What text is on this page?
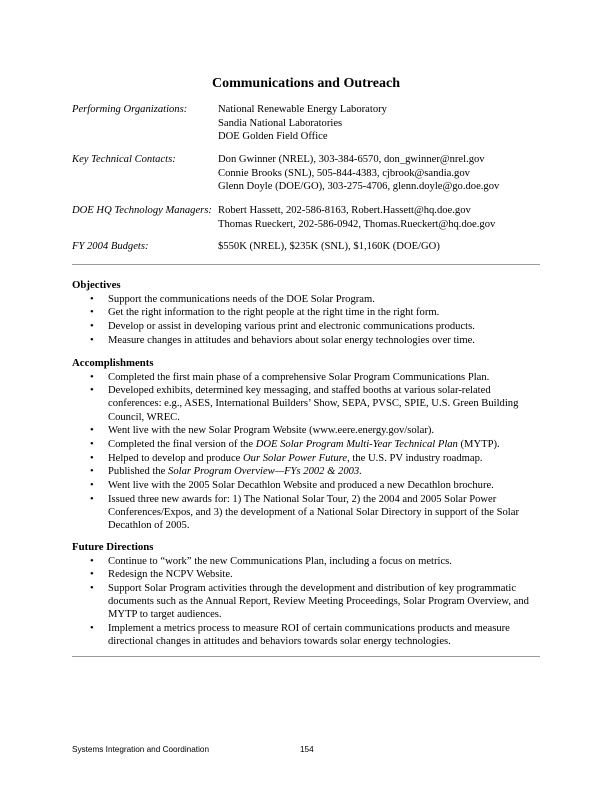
Communications and Outreach
Performing Organizations:	National Renewable Energy Laboratory
Sandia National Laboratories
DOE Golden Field Office
Key Technical Contacts:	Don Gwinner (NREL), 303-384-6570, don_gwinner@nrel.gov
Connie Brooks (SNL), 505-844-4383, cjbrook@sandia.gov
Glenn Doyle (DOE/GO), 303-275-4706, glenn.doyle@go.doe.gov
DOE HQ Technology Managers: Robert Hassett, 202-586-8163, Robert.Hassett@hq.doe.gov
Thomas Rueckert, 202-586-0942, Thomas.Rueckert@hq.doe.gov
FY 2004 Budgets:	$550K (NREL), $235K (SNL), $1,160K (DOE/GO)
Objectives
• Support the communications needs of the DOE Solar Program.
• Get the right information to the right people at the right time in the right form.
• Develop or assist in developing various print and electronic communications products.
• Measure changes in attitudes and behaviors about solar energy technologies over time.
Accomplishments
• Completed the first main phase of a comprehensive Solar Program Communications Plan.
• Developed exhibits, determined key messaging, and staffed booths at various solar-related conferences: e.g., ASES, International Builders’ Show, SEPA, PVSC, SPIE, U.S. Green Building Council, WREC.
• Went live with the new Solar Program Website (www.eere.energy.gov/solar).
• Completed the final version of the DOE Solar Program Multi-Year Technical Plan (MYTP).
• Helped to develop and produce Our Solar Power Future, the U.S. PV industry roadmap.
• Published the Solar Program Overview—FYs 2002 & 2003.
• Went live with the 2005 Solar Decathlon Website and produced a new Decathlon brochure.
• Issued three new awards for: 1) The National Solar Tour, 2) the 2004 and 2005 Solar Power Conferences/Expos, and 3) the development of a National Solar Directory in support of the Solar Decathlon of 2005.
Future Directions
• Continue to “work” the new Communications Plan, including a focus on metrics.
• Redesign the NCPV Website.
• Support Solar Program activities through the development and distribution of key programmatic documents such as the Annual Report, Review Meeting Proceedings, Solar Program Overview, and MYTP to target audiences.
• Implement a metrics process to measure ROI of certain communications products and measure directional changes in attitudes and behaviors towards solar energy technologies.
Systems Integration and Coordination	154
